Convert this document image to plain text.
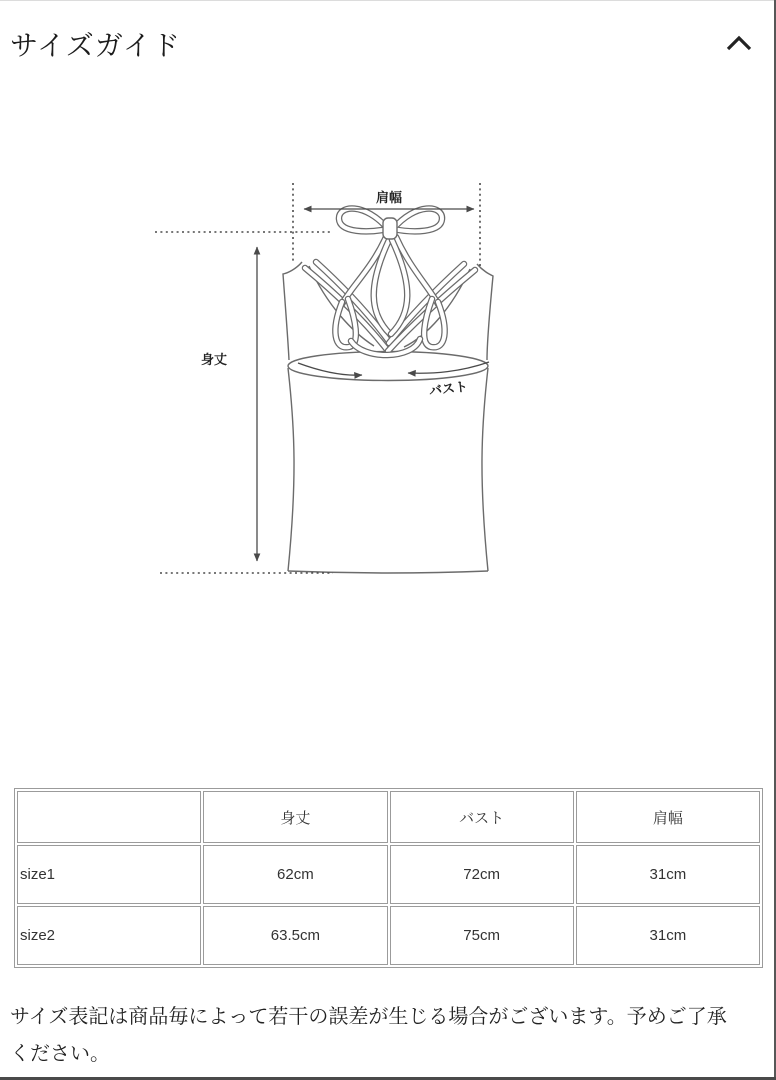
サイズガイド
肩幅
身丈
バスト
	身丈	バスト	肩幅
size1	62cm	72cm	31cm
size2	63.5cm	75cm	31cm
サイズ表記は商品毎によって若干の誤差が生じる場合がございます。予めご了承
ください。
